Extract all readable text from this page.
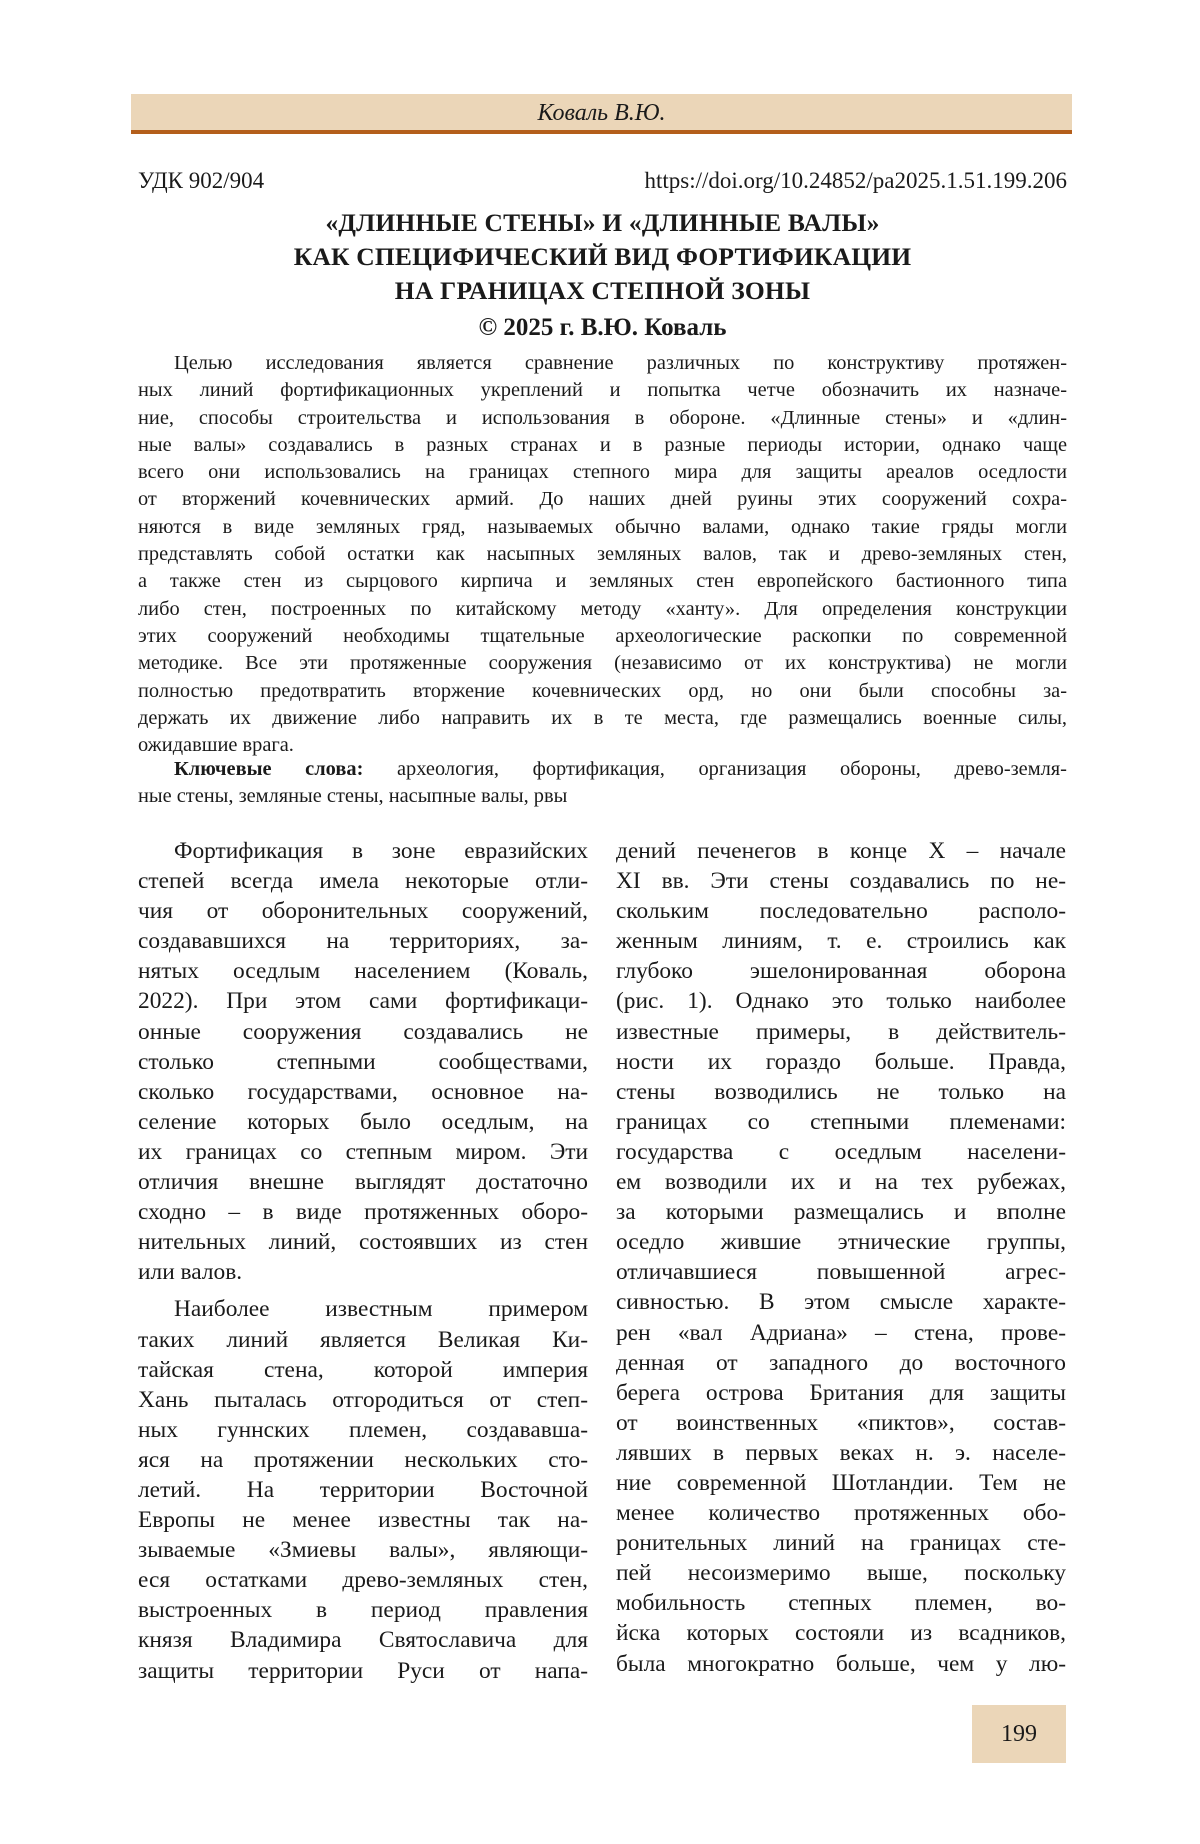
Коваль В.Ю.
УДК 902/904	https://doi.org/10.24852/pa2025.1.51.199.206
«ДЛИННЫЕ СТЕНЫ» И «ДЛИННЫЕ ВАЛЫ»
КАК СПЕЦИФИЧЕСКИЙ ВИД ФОРТИФИКАЦИИ
НА ГРАНИЦАХ СТЕПНОЙ ЗОНЫ
© 2025 г. В.Ю. Коваль
Целью исследования является сравнение различных по конструктиву протяжен-
ных линий фортификационных укреплений и попытка четче обозначить их назначе-
ние, способы строительства и использования в обороне. «Длинные стены» и «длин-
ные валы» создавались в разных странах и в разные периоды истории, однако чаще
всего они использовались на границах степного мира для защиты ареалов оседлости
от вторжений кочевнических армий. До наших дней руины этих сооружений сохра-
няются в виде земляных гряд, называемых обычно валами, однако такие гряды могли
представлять собой остатки как насыпных земляных валов, так и древо-земляных стен,
а также стен из сырцового кирпича и земляных стен европейского бастионного типа
либо стен, построенных по китайскому методу «ханту». Для определения конструкции
этих сооружений необходимы тщательные археологические раскопки по современной
методике. Все эти протяженные сооружения (независимо от их конструктива) не могли
полностью предотвратить вторжение кочевнических орд, но они были способны за-
держать их движение либо направить их в те места, где размещались военные силы,
ожидавшие врага.
Ключевые слова: археология, фортификация, организация обороны, древо-земля-
ные стены, земляные стены, насыпные валы, рвы
Фортификация в зоне евразийских
степей всегда имела некоторые отли-
чия от оборонительных сооружений,
создававшихся на территориях, за-
нятых оседлым населением (Коваль,
2022). При этом сами фортификаци-
онные сооружения создавались не
столько степными сообществами,
сколько государствами, основное на-
селение которых было оседлым, на
их границах со степным миром. Эти
отличия внешне выглядят достаточно
сходно – в виде протяженных оборо-
нительных линий, состоявших из стен
или валов.
Наиболее известным примером
таких линий является Великая Ки-
тайская стена, которой империя
Хань пыталась отгородиться от степ-
ных гуннских племен, создававша-
яся на протяжении нескольких сто-
летий. На территории Восточной
Европы не менее известны так на-
зываемые «Змиевы валы», являющи-
еся остатками древо-земляных стен,
выстроенных в период правления
князя Владимира Святославича для
защиты территории Руси от напа-
дений печенегов в конце X – начале
XI вв. Эти стены создавались по не-
скольким последовательно располо-
женным линиям, т. е. строились как
глубоко эшелонированная оборона
(рис. 1). Однако это только наиболее
известные примеры, в действитель-
ности их гораздо больше. Правда,
стены возводились не только на
границах со степными племенами:
государства с оседлым населени-
ем возводили их и на тех рубежах,
за которыми размещались и вполне
оседло жившие этнические группы,
отличавшиеся повышенной агрес-
сивностью. В этом смысле характе-
рен «вал Адриана» – стена, прове-
денная от западного до восточного
берега острова Британия для защиты
от воинственных «пиктов», состав-
лявших в первых веках н. э. населе-
ние современной Шотландии. Тем не
менее количество протяженных обо-
ронительных линий на границах сте-
пей несоизмеримо выше, поскольку
мобильность степных племен, во-
йска которых состояли из всадников,
была многократно больше, чем у лю-
199
